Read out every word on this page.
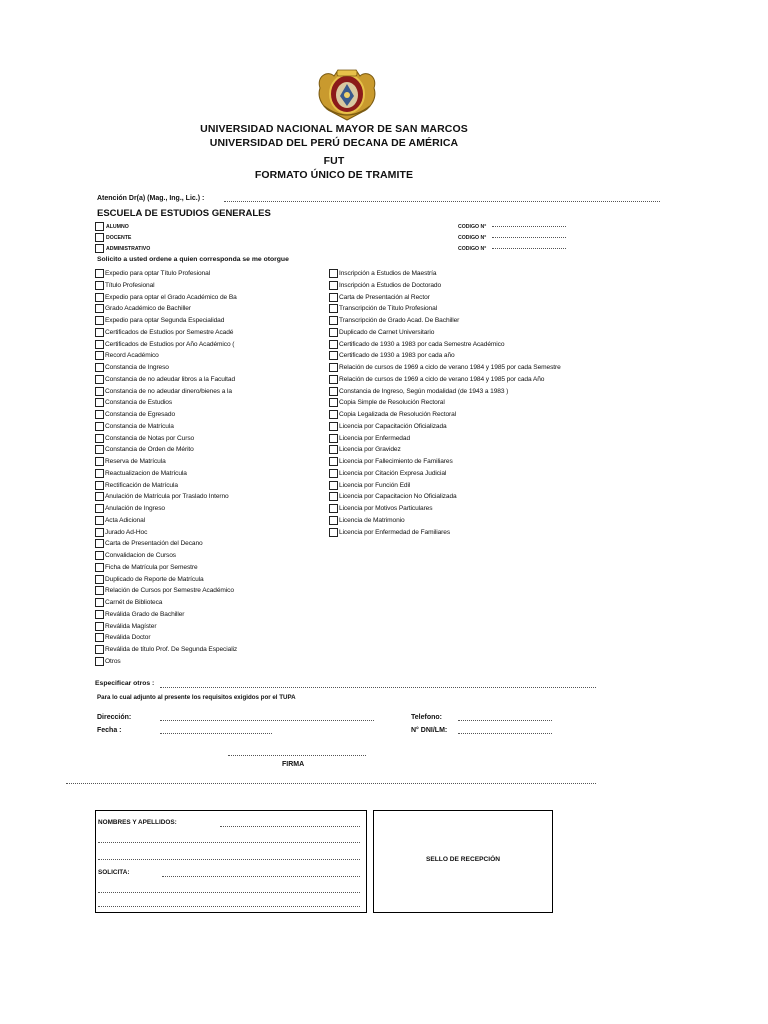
UNIVERSIDAD NACIONAL MAYOR DE SAN MARCOS
UNIVERSIDAD DEL PERÚ DECANA DE AMÉRICA
FUT
FORMATO ÚNICO DE TRAMITE
Atención Dr(a) (Mag., Ing., Lic.) :
ESCUELA DE ESTUDIOS GENERALES
ALUMNO
DOCENTE
ADMINISTRATIVO
CODIGO N°
CODIGO N°
CODIGO N°
Solicito a usted ordene a quien corresponda se me otorgue
Expedio para optar Título Profesional
Título Profesional
Expedio para optar el Grado Académico de Ba
Grado Académico de Bachiller
Expedio para optar Segunda Especialidad
Certificados de Estudios por Semestre Acadé
Certificados de Estudios por Año Académico (
Record Académico
Constancia de Ingreso
Constancia de no adeudar libros a la Facultad
Constancia de no adeudar dinero/bienes a la
Constancia de Estudios
Constancia de Egresado
Constancia de Matrícula
Constancia de Notas por Curso
Constancia de Orden de Mérito
Reserva de Matrícula
Reactualizacion de Matrícula
Rectificación de Matrícula
Anulación de Matrícula por Traslado Interno
Anulación de Ingreso
Acta Adicional
Jurado Ad-Hoc
Carta de Presentación del Decano
Convalidacion de Cursos
Ficha de Matrícula por Semestre
Duplicado de Reporte de Matrícula
Relación de Cursos por Semestre Académico
Carnét de Biblioteca
Reválida Grado de Bachiller
Reválida Magíster
Reválida Doctor
Reválida de título Prof. De Segunda Especializ
Otros
Inscripción a Estudios de Maestría
Inscripción a Estudios de Doctorado
Carta de Presentación al Rector
Transcripción de Título Profesional
Transcripción de Grado Acad. De Bachiller
Duplicado de Carnet Universitario
Certificado de 1930 a 1983 por cada Semestre Académico
Certificado de 1930 a 1983 por cada año
Relación de cursos de 1969 a ciclo de verano 1984 y 1985 por cada Semestre
Relación de cursos de 1969 a ciclo de verano 1984 y 1985 por cada Año
Constancia de Ingreso, Según modalidad (de 1943 a 1983 )
Copia Simple de Resolución Rectoral
Copia Legalizada de Resolución Rectoral
Licencia por Capacitación Oficializada
Licencia por Enfermedad
Licencia por Gravidez
Licencia por Fallecimiento de Familiares
Licencia por Citación Expresa Judicial
Licencia por Función Edil
Licencia por Capacitacion No Oficializada
Licencia por Motivos Particulares
Licencia de Matrimonio
Licencia por Enfermedad de Familiares
Especificar otros :
Para lo cual adjunto al presente los requisitos exigidos por el TUPA
Dirección:
Fecha :
Telefono:
N° DNI/LM:
FIRMA
NOMBRES Y APELLIDOS:
SOLICITA:
SELLO DE RECEPCIÓN
